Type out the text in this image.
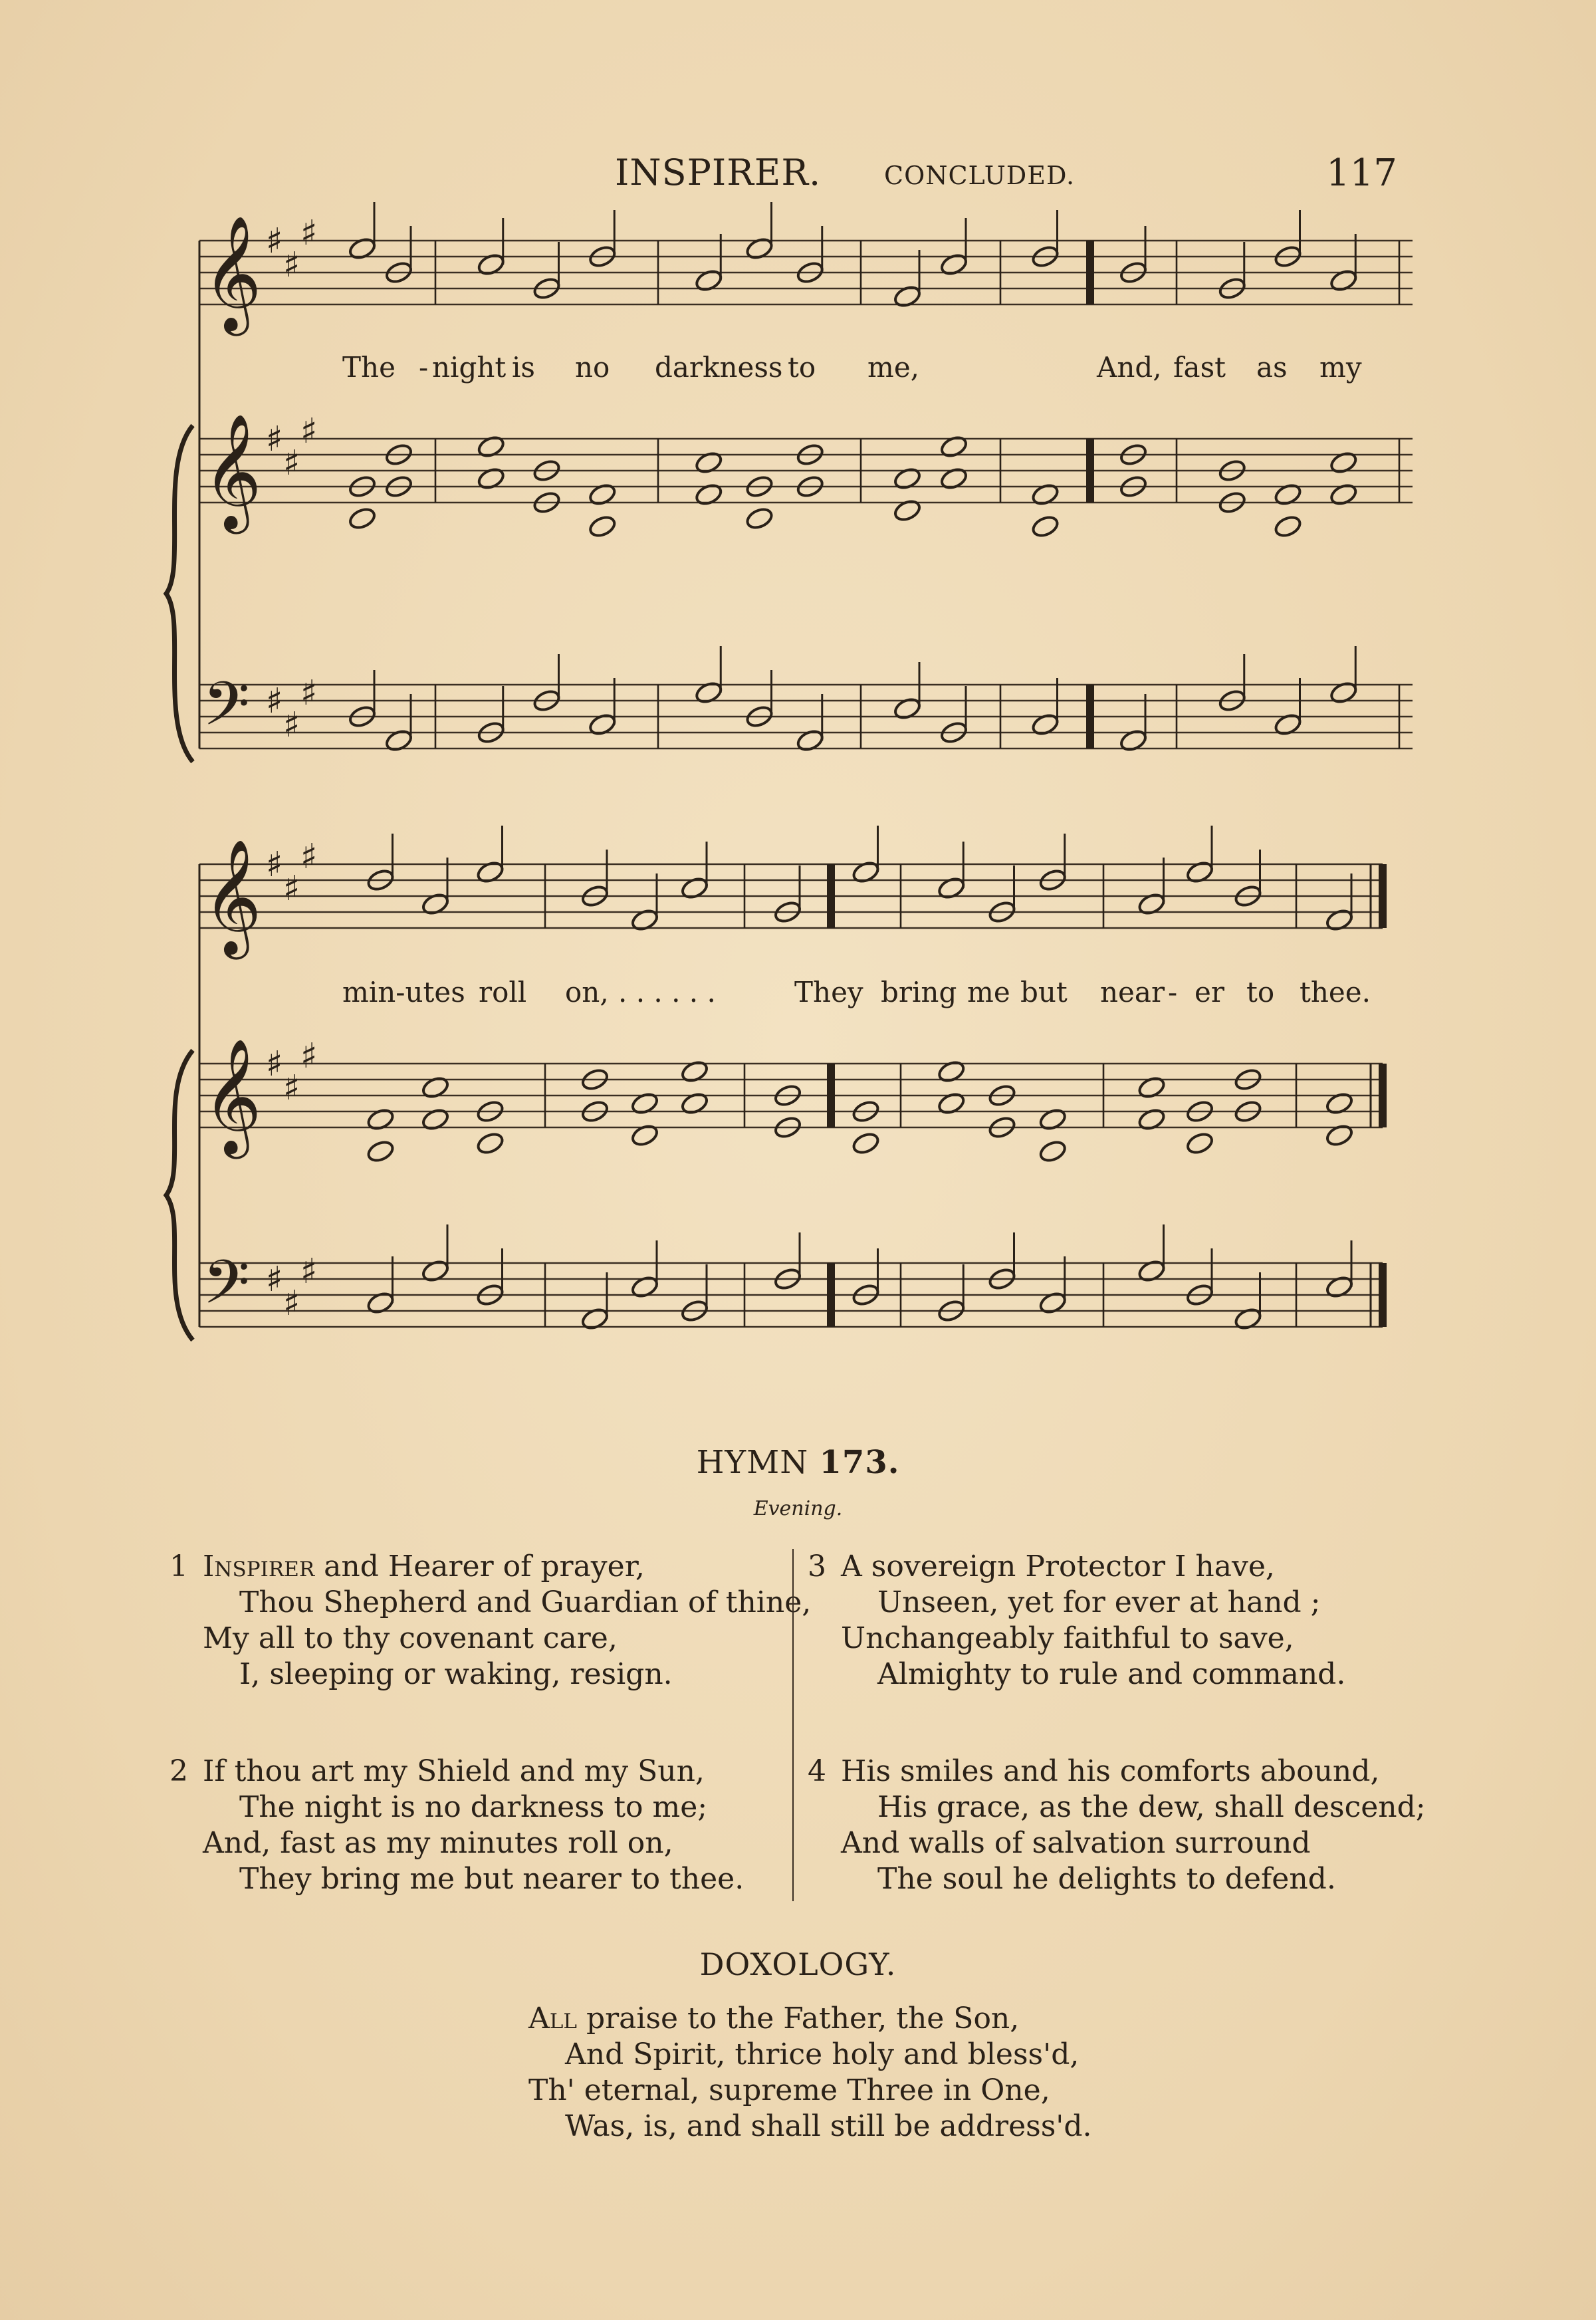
INSPIRER. CONCLUDED.	117
𝄞 ♯
♯
♯
𝄞 ♯
♯
♯
𝄢 ♯
♯
♯
𝄞 ♯
♯
♯
𝄞 ♯
♯
♯
𝄢 ♯
♯
♯
The - night is no darkness to me,	And, fast as my
min-utes roll on, . . . . . .	They bring me but near - er to thee.
HYMN 173.
Evening.
1 Inspirer and Hearer of prayer,
Thou Shepherd and Guardian of thine,
My all to thy covenant care,
I, sleeping or waking, resign.
2 If thou art my Shield and my Sun,
The night is no darkness to me;
And, fast as my minutes roll on,
They bring me but nearer to thee.
3 A sovereign Protector I have,
Unseen, yet for ever at hand ;
Unchangeably faithful to save,
Almighty to rule and command.
4 His smiles and his comforts abound,
His grace, as the dew, shall descend;
And walls of salvation surround
The soul he delights to defend.
DOXOLOGY.
All praise to the Father, the Son,
And Spirit, thrice holy and bless'd,
Th' eternal, supreme Three in One,
Was, is, and shall still be address'd.
